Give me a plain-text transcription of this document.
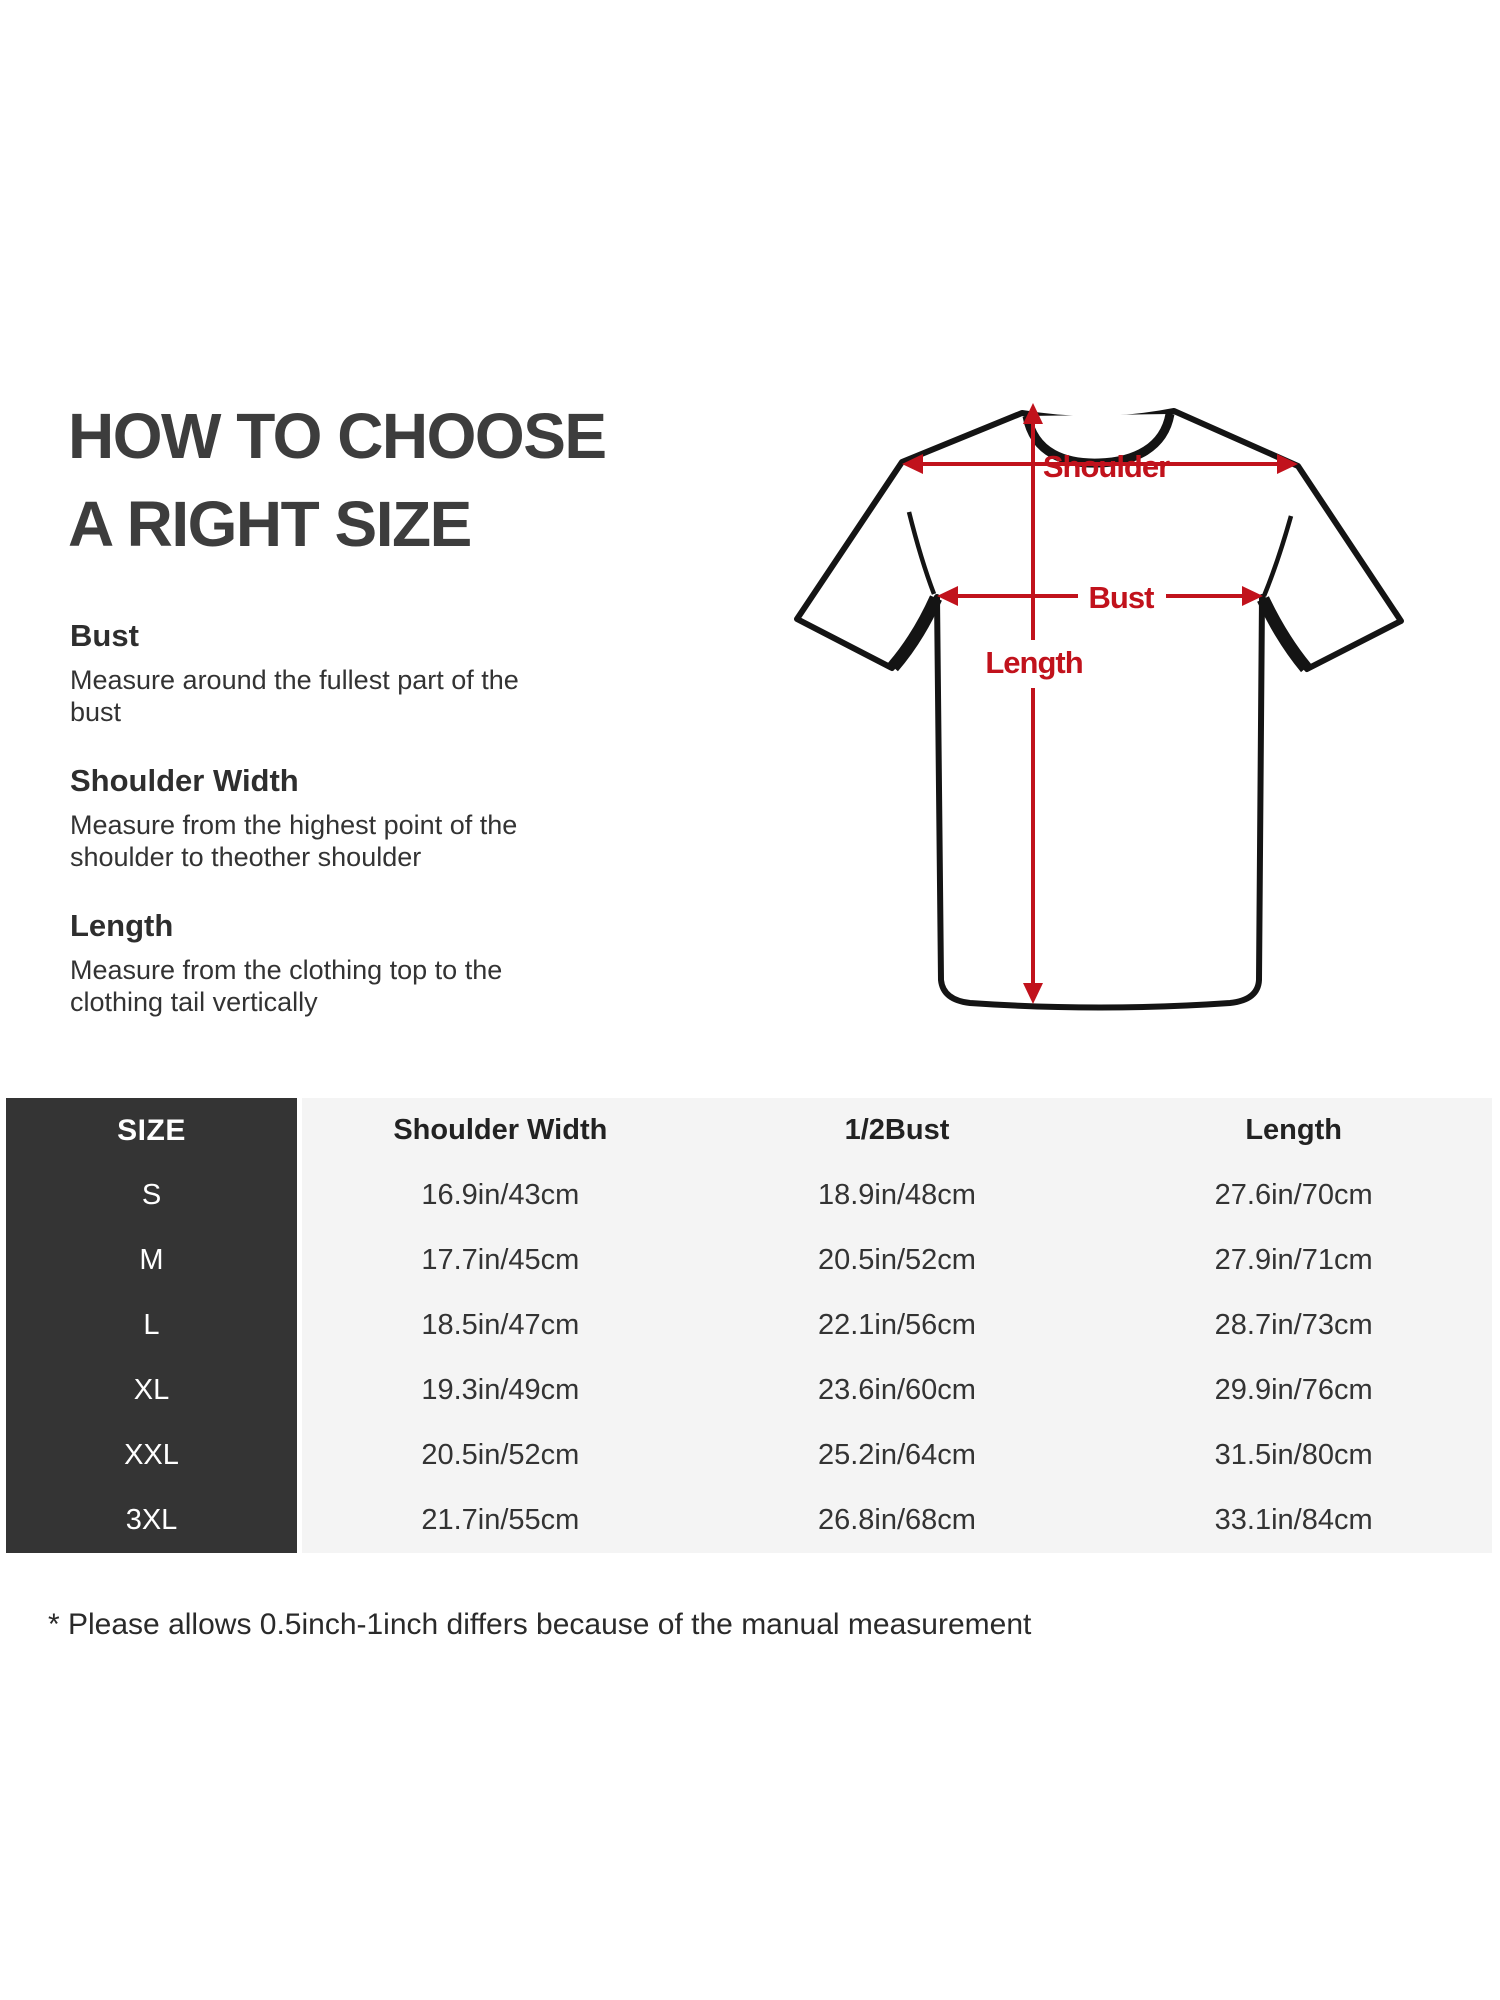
HOW TO CHOOSE
A RIGHT SIZE
Bust

Measure around the fullest part of the bust

Shoulder Width

Measure from the highest point of the shoulder to theother shoulder

Length

Measure from the clothing top to the clothing tail vertically

Shoulder
Bust
Length
SIZE	Shoulder Width	1/2Bust	Length
S	16.9in/43cm	18.9in/48cm	27.6in/70cm
M	17.7in/45cm	20.5in/52cm	27.9in/71cm
L	18.5in/47cm	22.1in/56cm	28.7in/73cm
XL	19.3in/49cm	23.6in/60cm	29.9in/76cm
XXL	20.5in/52cm	25.2in/64cm	31.5in/80cm
3XL	21.7in/55cm	26.8in/68cm	33.1in/84cm
* Please allows 0.5inch-1inch differs because of the manual measurement
